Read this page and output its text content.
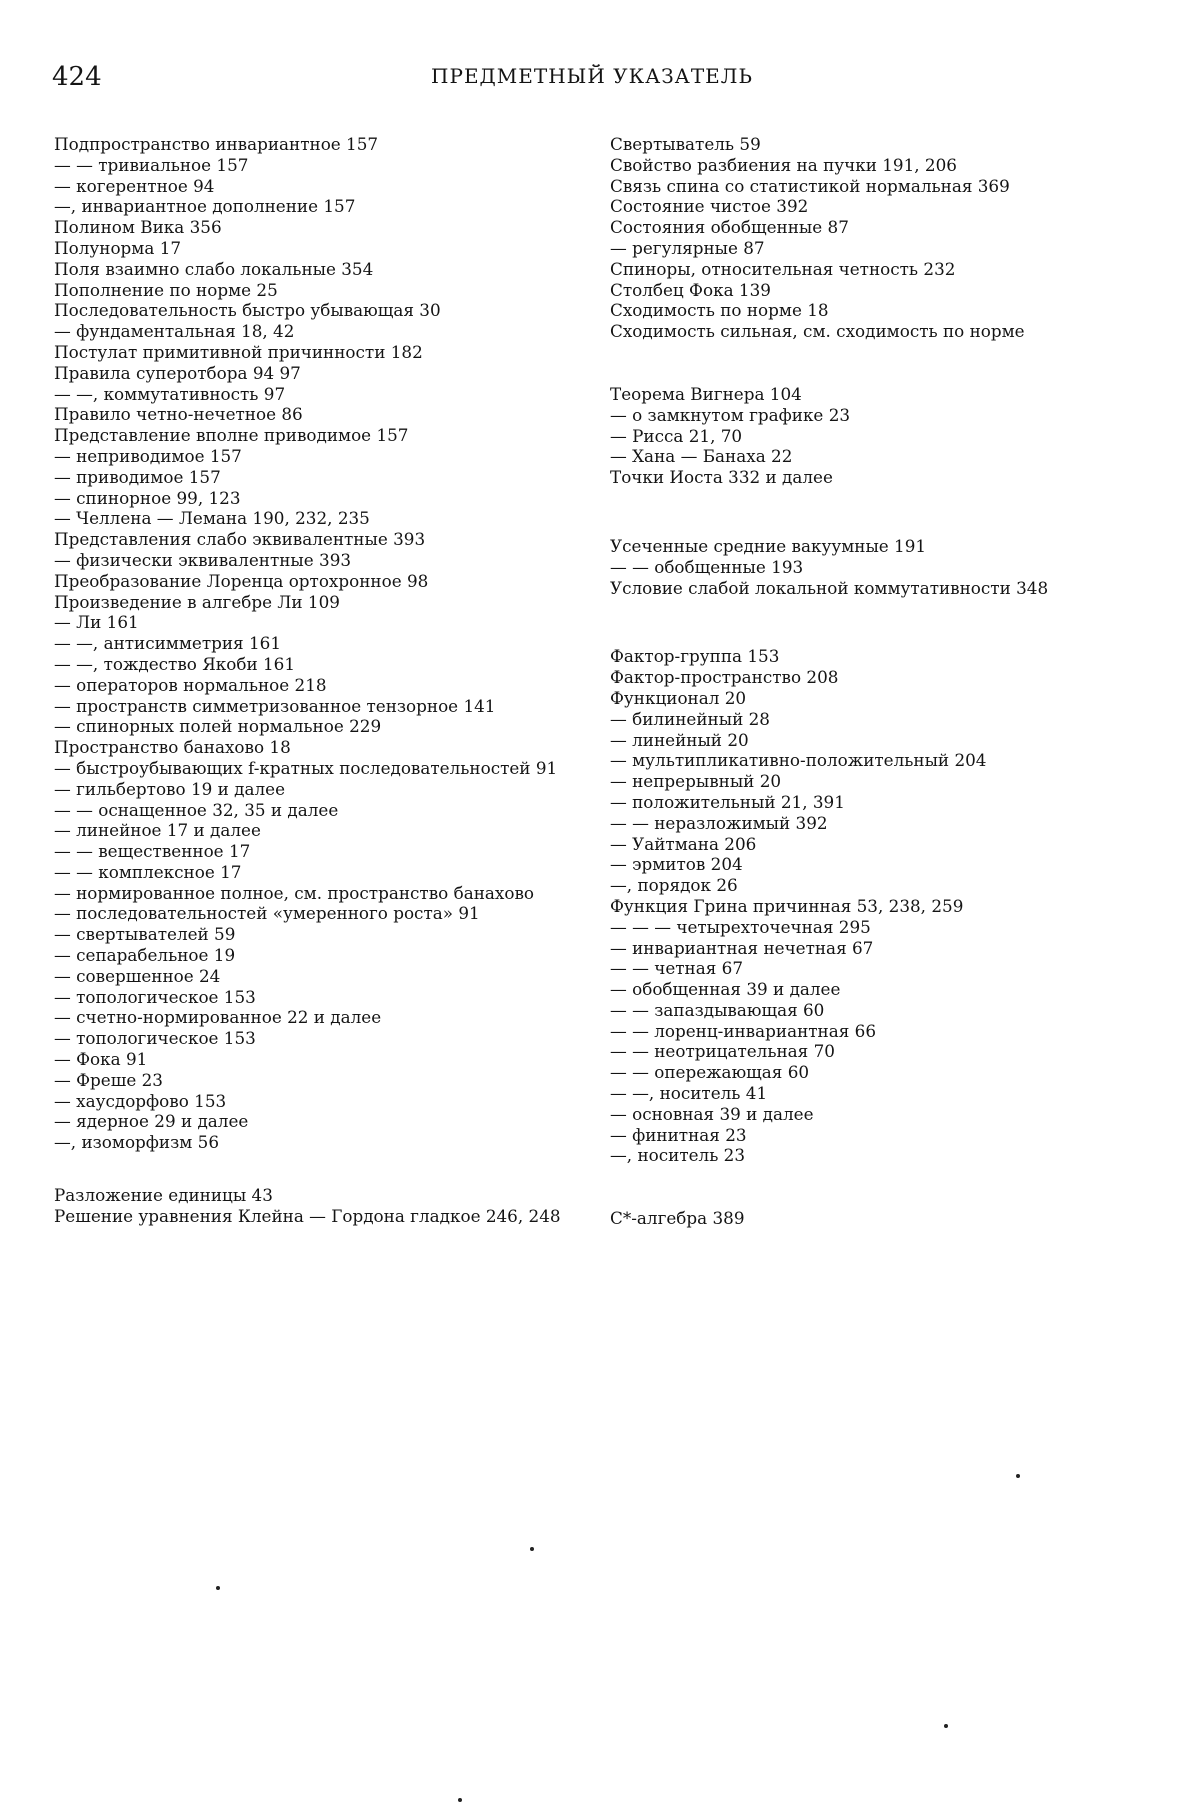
424	ПРЕДМЕТНЫЙ УКАЗАТЕЛЬ
Подпространство инвариантное 157
— — тривиальное 157
— когерентное 94
—, инвариантное дополнение 157
Полином Вика 356
Полунорма 17
Поля взаимно слабо локальные 354
Пополнение по норме 25
Последовательность быстро убывающая 30
— фундаментальная 18, 42
Постулат примитивной причинности 182
Правила суперотбора 94 97
— —, коммутативность 97
Правило четно-нечетное 86
Представление вполне приводимое 157
— неприводимое 157
— приводимое 157
— спинорное 99, 123
— Челлена — Лемана 190, 232, 235
Представления слабо эквивалентные 393
— физически эквивалентные 393
Преобразование Лоренца ортохронное 98
Произведение в алгебре Ли 109
— Ли 161
— —, антисимметрия 161
— —, тождество Якоби 161
— операторов нормальное 218
— пространств симметризованное тензорное 141
— спинорных полей нормальное 229
Пространство банахово 18
— быстроубывающих f-кратных последовательностей 91
— гильбертово 19 и далее
— — оснащенное 32, 35 и далее
— линейное 17 и далее
— — вещественное 17
— — комплексное 17
— нормированное полное, см. пространство банахово
— последовательностей «умеренного роста» 91
— свертывателей 59
— сепарабельное 19
— совершенное 24
— топологическое 153
— счетно-нормированное 22 и далее
— топологическое 153
— Фока 91
— Фреше 23
— хаусдорфово 153
— ядерное 29 и далее
—, изоморфизм 56
Разложение единицы 43
Решение уравнения Клейна — Гордона гладкое 246, 248
Свертыватель 59
Свойство разбиения на пучки 191, 206
Связь спина со статистикой нормальная 369
Состояние чистое 392
Состояния обобщенные 87
— регулярные 87
Спиноры, относительная четность 232
Столбец Фока 139
Сходимость по норме 18
Сходимость сильная, см. сходимость по норме
Теорема Вигнера 104
— о замкнутом графике 23
— Рисса 21, 70
— Хана — Банаха 22
Точки Иоста 332 и далее
Усеченные средние вакуумные 191
— — обобщенные 193
Условие слабой локальной коммутативности 348
Фактор-группа 153
Фактор-пространство 208
Функционал 20
— билинейный 28
— линейный 20
— мультипликативно-положительный 204
— непрерывный 20
— положительный 21, 391
— — неразложимый 392
— Уайтмана 206
— эрмитов 204
—, порядок 26
Функция Грина причинная 53, 238, 259
— — — четырехточечная 295
— инвариантная нечетная 67
— — четная 67
— обобщенная 39 и далее
— — запаздывающая 60
— — лоренц-инвариантная 66
— — неотрицательная 70
— — опережающая 60
— —, носитель 41
— основная 39 и далее
— финитная 23
—, носитель 23
C*-алгебра 389
